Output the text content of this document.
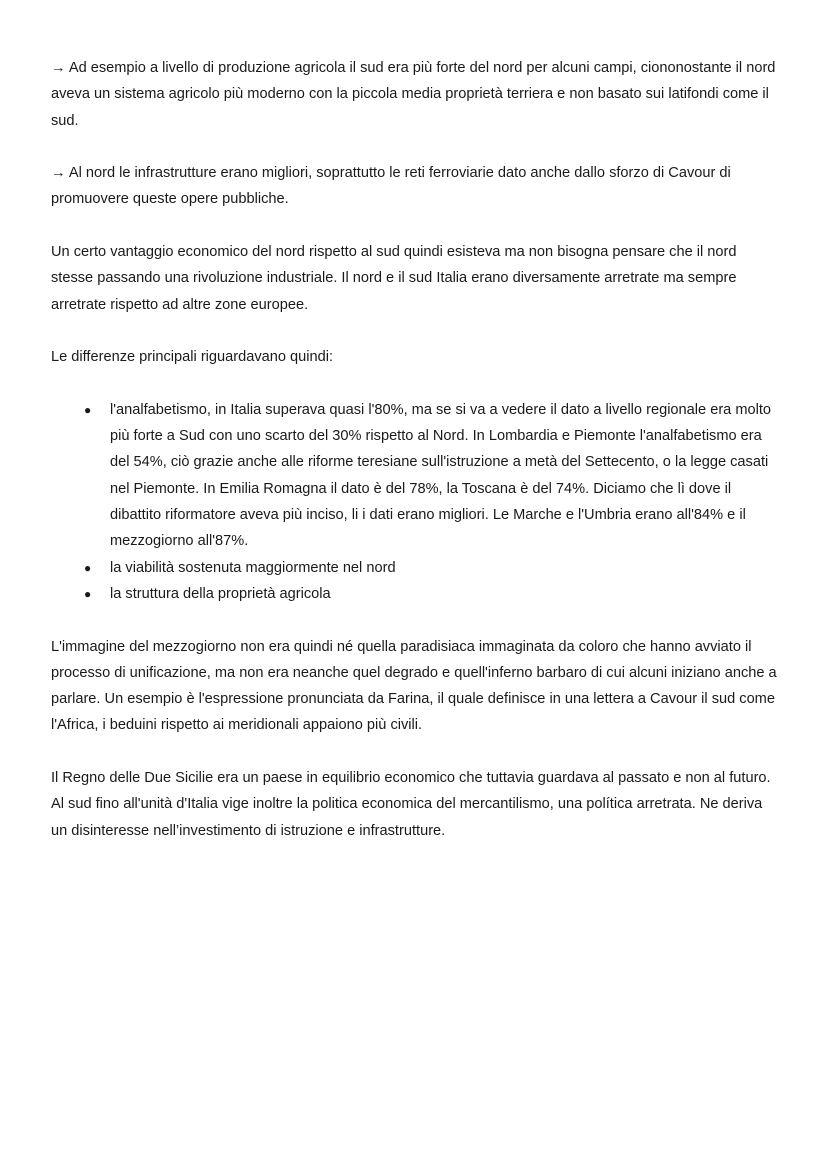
→ Ad esempio a livello di produzione agricola il sud era più forte del nord per alcuni campi, ciononostante il nord aveva un sistema agricolo più moderno con la piccola media proprietà terriera e non basato sui latifondi come il sud.

→ Al nord le infrastrutture erano migliori, soprattutto le reti ferroviarie dato anche dallo sforzo di Cavour di promuovere queste opere pubbliche.

Un certo vantaggio economico del nord rispetto al sud quindi esisteva ma non bisogna pensare che il nord stesse passando una rivoluzione industriale. Il nord e il sud Italia erano diversamente arretrate ma sempre arretrate rispetto ad altre zone europee.

Le differenze principali riguardavano quindi:

● l'analfabetismo, in Italia superava quasi l'80%, ma se si va a vedere il dato a livello regionale era molto più forte a Sud con uno scarto del 30% rispetto al Nord. In Lombardia e Piemonte l'analfabetismo era del 54%, ciò grazie anche alle riforme teresiane sull'istruzione a metà del Settecento, o la legge casati nel Piemonte. In Emilia Romagna il dato è del 78%, la Toscana è del 74%. Diciamo che lì dove il dibattito riformatore aveva più inciso, li i dati erano migliori. Le Marche e l'Umbria erano all'84% e il mezzogiorno all'87%.
● la viabilità sostenuta maggiormente nel nord
● la struttura della proprietà agricola

L'immagine del mezzogiorno non era quindi né quella paradisiaca immaginata da coloro che hanno avviato il processo di unificazione, ma non era neanche quel degrado e quell'inferno barbaro di cui alcuni iniziano anche a parlare. Un esempio è l'espressione pronunciata da Farina, il quale definisce in una lettera a Cavour il sud come l'Africa, i beduini rispetto ai meridionali appaiono più civili.

Il Regno delle Due Sicilie era un paese in equilibrio economico che tuttavia guardava al passato e non al futuro. Al sud fino all'unità d'Italia vige inoltre la politica economica del mercantilismo, una política arretrata. Ne deriva un disinteresse nell’investimento di istruzione e infrastrutture.
